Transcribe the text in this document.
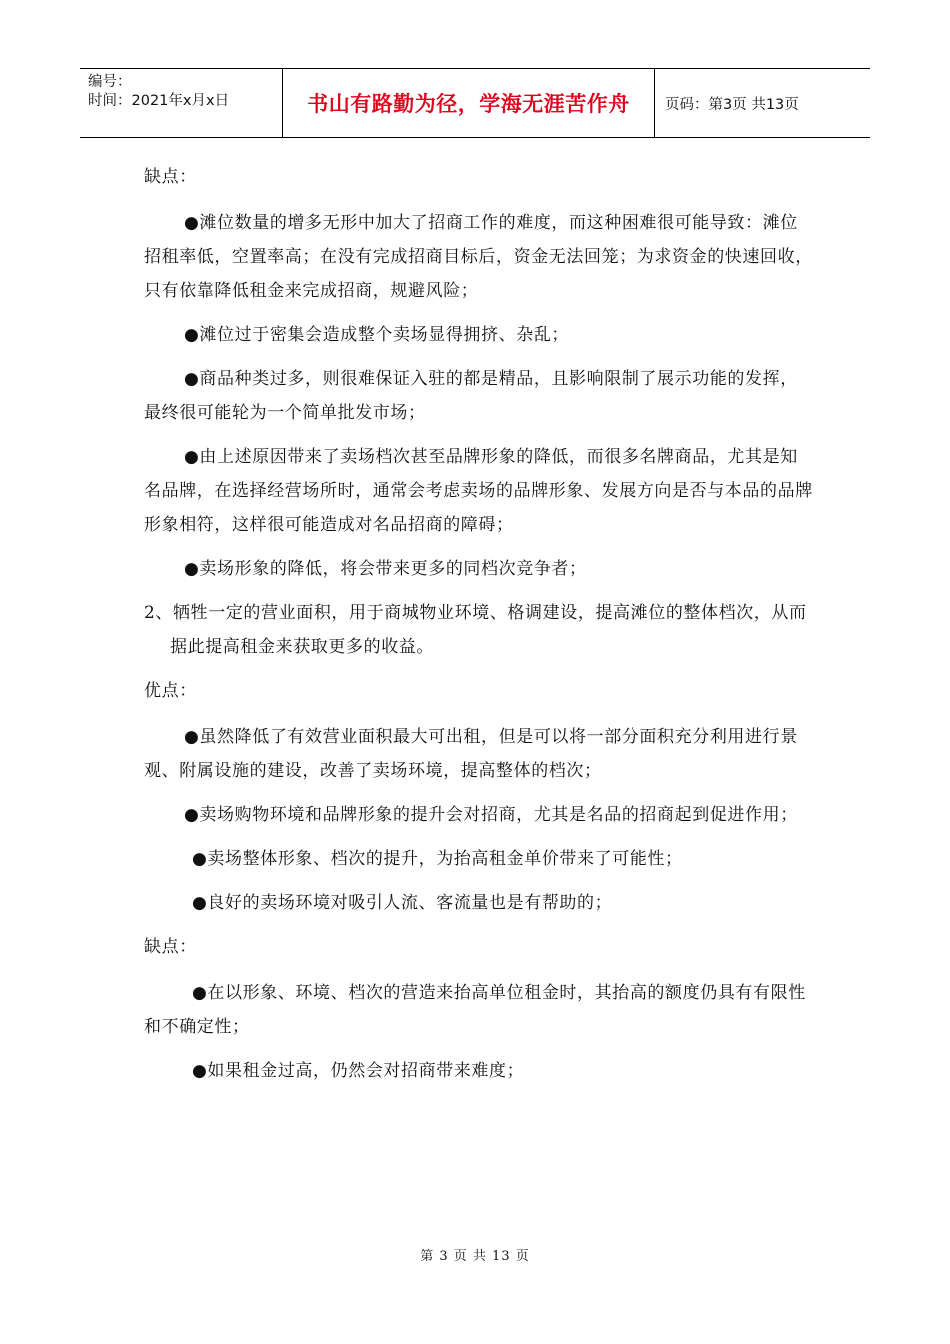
编号：
时间：2021年x月x日	书山有路勤为径，学海无涯苦作舟	页码：第3页 共13页

缺点：

●滩位数量的增多无形中加大了招商工作的难度，而这种困难很可能导致：滩位招租率低，空置率高；在没有完成招商目标后，资金无法回笼；为求资金的快速回收，只有依靠降低租金来完成招商，规避风险；

●滩位过于密集会造成整个卖场显得拥挤、杂乱；

●商品种类过多，则很难保证入驻的都是精品，且影响限制了展示功能的发挥，最终很可能轮为一个简单批发市场；

●由上述原因带来了卖场档次甚至品牌形象的降低，而很多名牌商品，尤其是知名品牌，在选择经营场所时，通常会考虑卖场的品牌形象、发展方向是否与本品的品牌形象相符，这样很可能造成对名品招商的障碍；

●卖场形象的降低，将会带来更多的同档次竞争者；

2、牺牲一定的营业面积，用于商城物业环境、格调建设，提高滩位的整体档次，从而据此提高租金来获取更多的收益。

优点：

●虽然降低了有效营业面积最大可出租，但是可以将一部分面积充分利用进行景观、附属设施的建设，改善了卖场环境，提高整体的档次；

●卖场购物环境和品牌形象的提升会对招商，尤其是名品的招商起到促进作用；

●卖场整体形象、档次的提升，为抬高租金单价带来了可能性；

●良好的卖场环境对吸引人流、客流量也是有帮助的；

缺点：

●在以形象、环境、档次的营造来抬高单位租金时，其抬高的额度仍具有有限性和不确定性；

●如果租金过高，仍然会对招商带来难度；

第 3 页 共 13 页
